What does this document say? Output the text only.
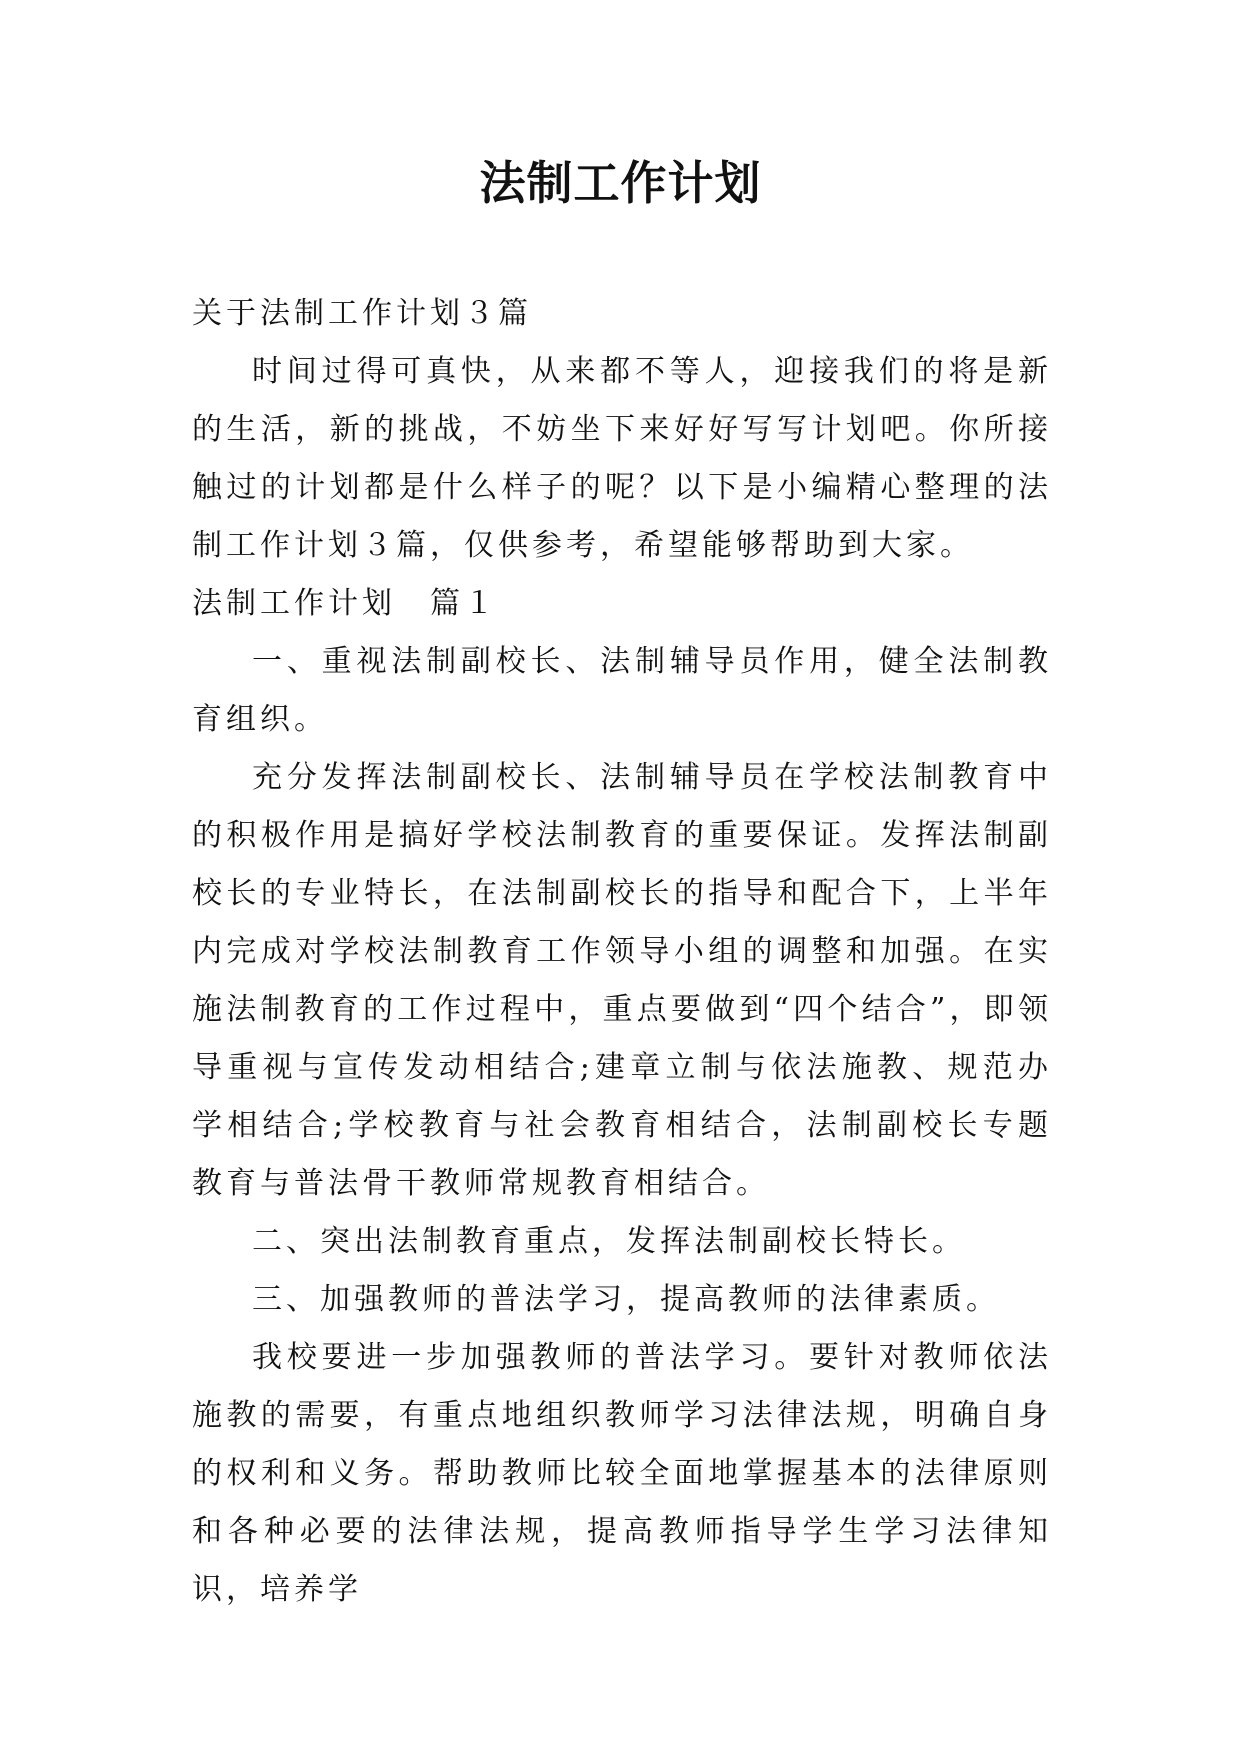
法制工作计划

关于法制工作计划３篇

时间过得可真快，从来都不等人，迎接我们的将是新的生活，新的挑战，不妨坐下来好好写写计划吧。你所接触过的计划都是什么样子的呢？以下是小编精心整理的法制工作计划３篇，仅供参考，希望能够帮助到大家。

法制工作计划　篇１

一、重视法制副校长、法制辅导员作用，健全法制教育组织。

充分发挥法制副校长、法制辅导员在学校法制教育中的积极作用是搞好学校法制教育的重要保证。发挥法制副校长的专业特长，在法制副校长的指导和配合下，上半年内完成对学校法制教育工作领导小组的调整和加强。在实施法制教育的工作过程中，重点要做到“四个结合”，即领导重视与宣传发动相结合;建章立制与依法施教、规范办学相结合;学校教育与社会教育相结合，法制副校长专题教育与普法骨干教师常规教育相结合。

二、突出法制教育重点，发挥法制副校长特长。

三、加强教师的普法学习，提高教师的法律素质。

我校要进一步加强教师的普法学习。要针对教师依法施教的需要，有重点地组织教师学习法律法规，明确自身的权利和义务。帮助教师比较全面地掌握基本的法律原则和各种必要的法律法规，提高教师指导学生学习法律知识，培养学
